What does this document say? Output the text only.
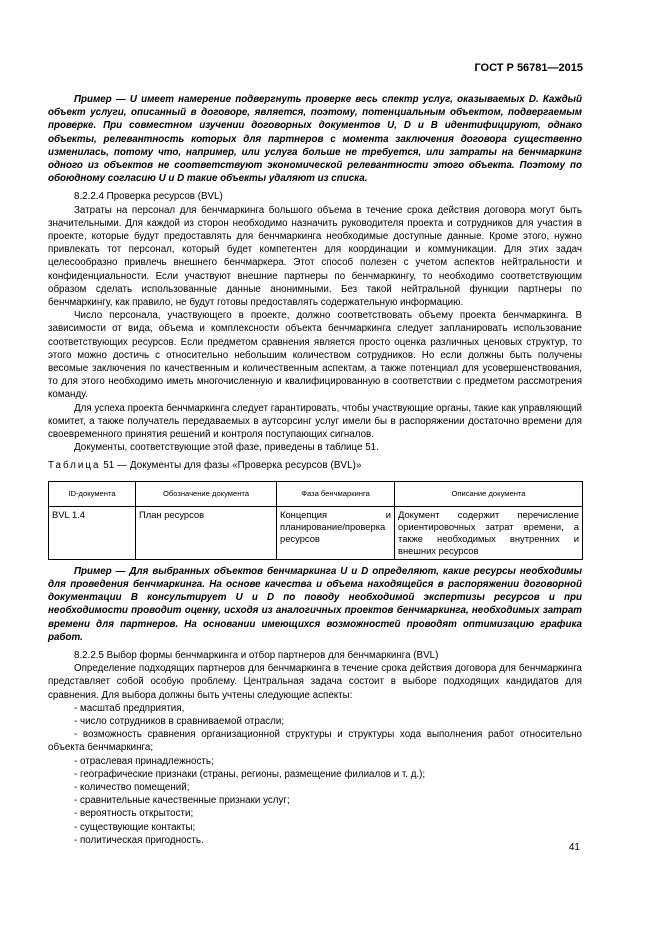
ГОСТ Р 56781—2015

Пример — U имеет намерение подвергнуть проверке весь спектр услуг, оказываемых D. Каждый объект услуги, описанный в договоре, является, поэтому, потенциальным объектом, подвергаемым проверке. При совместном изучении договорных документов U, D и B идентифицируют, однако объекты, релевантность которых для партнеров с момента заключения договора существенно изменилась, потому что, например, или услуга больше не требуется, или затраты на бенчмаркинг одного из объектов не соответствуют экономической релевантности этого объекта. Поэтому по обоюдному согласию U и D такие объекты удаляют из списка.

8.2.2.4 Проверка ресурсов (BVL)

Затраты на персонал для бенчмаркинга большого объема в течение срока действия договора могут быть значительными. Для каждой из сторон необходимо назначить руководителя проекта и сотрудников для участия в проекте, которые будут предоставлять для бенчмаркинга необходимые доступные данные. Кроме этого, нужно привлекать тот персонал, который будет компетентен для координации и коммуникации. Для этих задач целесообразно привлечь внешнего бенчмаркера. Этот способ полезен с учетом аспектов нейтральности и конфиденциальности. Если участвуют внешние партнеры по бенчмаркингу, то необходимо соответствующим образом сделать использованные данные анонимными. Без такой нейтральной функции партнеры по бенчмаркингу, как правило, не будут готовы предоставлять содержательную информацию.

Число персонала, участвующего в проекте, должно соответствовать объему проекта бенчмаркинга. В зависимости от вида, объема и комплексности объекта бенчмаркинга следует запланировать использование соответствующих ресурсов. Если предметом сравнения является просто оценка различных ценовых структур, то этого можно достичь с относительно небольшим количеством сотрудников. Но если должны быть получены весомые заключения по качественным и количественным аспектам, а также потенциал для усовершенствования, то для этого необходимо иметь многочисленную и квалифицированную в соответствии с предметом рассмотрения команду.

Для успеха проекта бенчмаркинга следует гарантировать, чтобы участвующие органы, такие как управляющий комитет, а также получатель передаваемых в аутсорсинг услуг имели бы в распоряжении достаточно времени для своевременного принятия решений и контроля поступающих сигналов.

Документы, соответствующие этой фазе, приведены в таблице 51.

Таблица 51 — Документы для фазы «Проверка ресурсов (BVL)»

ID-документа	Обозначение документа	Фаза бенчмаркинга	Описание документа
BVL 1.4	План ресурсов	Концепция и планирование/проверка ресурсов	Документ содержит перечисление ориентировочных затрат времени, а также необходимых внутренних и внешних ресурсов

Пример — Для выбранных объектов бенчмаркинга U и D определяют, какие ресурсы необходимы для проведения бенчмаркинга. На основе качества и объема находящейся в распоряжении договорной документации B консультирует U и D по поводу необходимой экспертизы ресурсов и при необходимости проводит оценку, исходя из аналогичных проектов бенчмаркинга, необходимых затрат времени для партнеров. На основании имеющихся возможностей проводят оптимизацию графика работ.

8.2.2.5 Выбор формы бенчмаркинга и отбор партнеров для бенчмаркинга (BVL)

Определение подходящих партнеров для бенчмаркинга в течение срока действия договора для бенчмаркинга представляет собой особую проблему. Центральная задача состоит в выборе подходящих кандидатов для сравнения. Для выбора должны быть учтены следующие аспекты:

- масштаб предприятия,

- число сотрудников в сравниваемой отрасли;

- возможность сравнения организационной структуры и структуры хода выполнения работ относительно объекта бенчмаркинга;

- отраслевая принадлежность;

- географические признаки (страны, регионы, размещение филиалов и т. д.);

- количество помещений;

- сравнительные качественные признаки услуг;

- вероятность открытости;

- существующие контакты;

- политическая пригодность.

41
